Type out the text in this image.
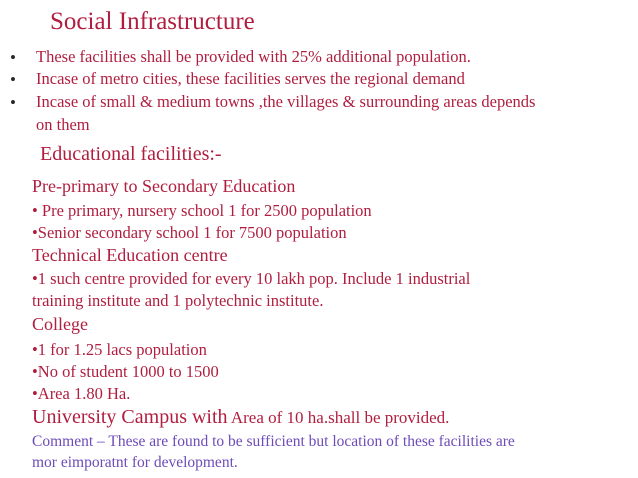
Social Infrastructure
• These facilities shall be provided with 25% additional population.
• Incase of metro cities, these facilities serves the regional demand
• Incase of small & medium towns ,the villages & surrounding areas depends
on them
Educational facilities:-
Pre-primary to Secondary Education
• Pre primary, nursery school 1 for 2500 population
•Senior secondary school 1 for 7500 population
Technical Education centre
•1 such centre provided for every 10 lakh pop. Include 1 industrial
training institute and 1 polytechnic institute.
College
•1 for 1.25 lacs population
•No of student 1000 to 1500
•Area 1.80 Ha.
University Campus with Area of 10 ha.shall be provided.
Comment – These are found to be sufficient but location of these facilities are
mor eimporatnt for development.
